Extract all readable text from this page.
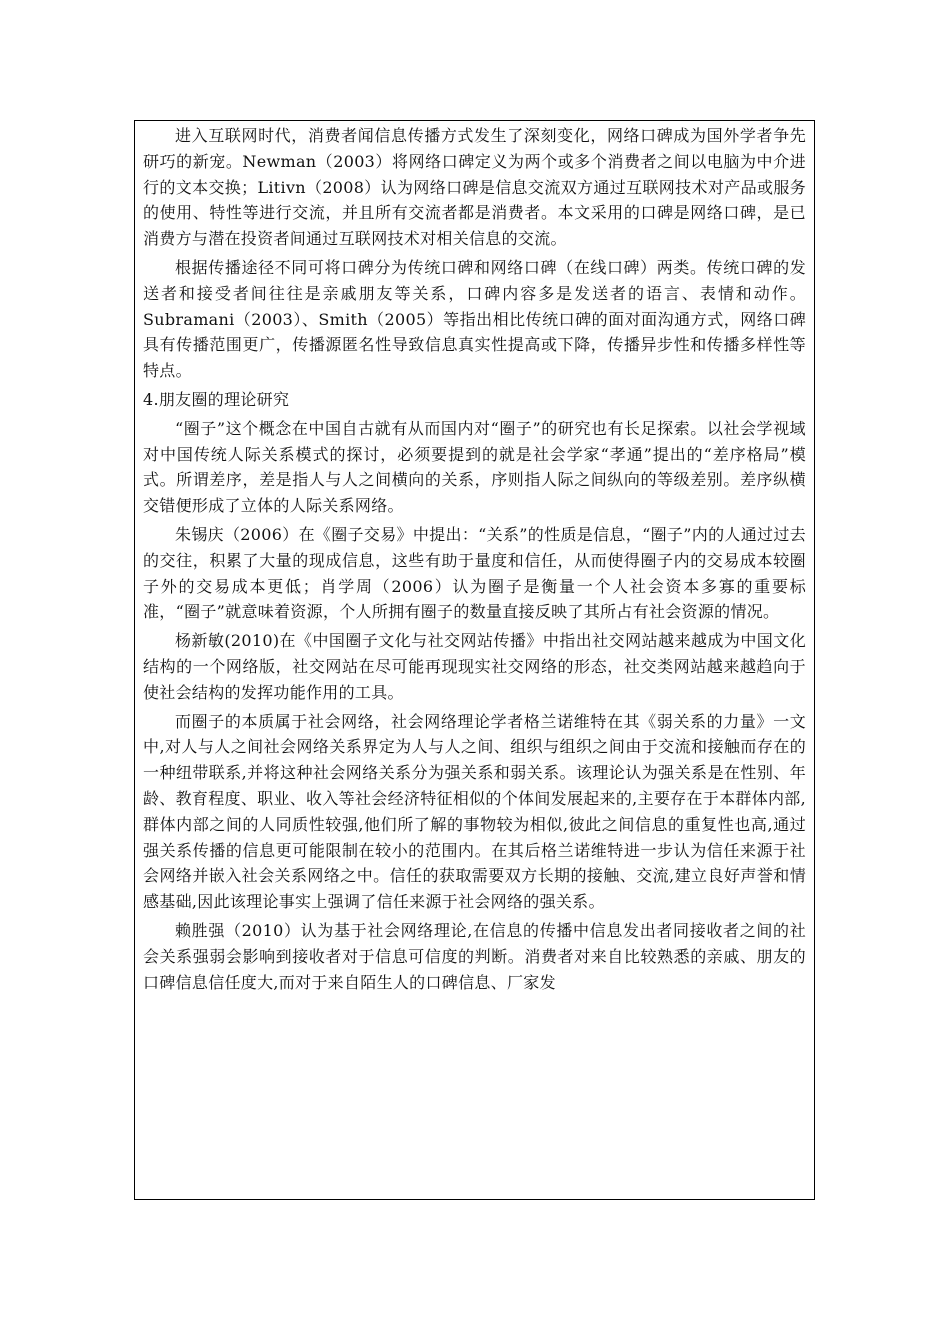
进入互联网时代，消费者闻信息传播方式发生了深刻变化，网络口碑成为国外学者争先研巧的新宠。Newman（2003）将网络口碑定义为两个或多个消费者之间以电脑为中介进行的文本交换；Litivn（2008）认为网络口碑是信息交流双方通过互联网技术对产品或服务的使用、特性等进行交流，并且所有交流者都是消费者。本文采用的口碑是网络口碑，是已消费方与潜在投资者间通过互联网技术对相关信息的交流。

根据传播途径不同可将口碑分为传统口碑和网络口碑（在线口碑）两类。传统口碑的发送者和接受者间往往是亲戚朋友等关系，口碑内容多是发送者的语言、表情和动作。Subramani（2003）、Smith（2005）等指出相比传统口碑的面对面沟通方式，网络口碑具有传播范围更广，传播源匿名性导致信息真实性提高或下降，传播异步性和传播多样性等特点。

4.朋友圈的理论研究

“圈子”这个概念在中国自古就有从而国内对“圈子”的研究也有长足探索。以社会学视域对中国传统人际关系模式的探讨，必须要提到的就是社会学家“孝通”提出的“差序格局”模式。所谓差序，差是指人与人之间横向的关系，序则指人际之间纵向的等级差别。差序纵横交错便形成了立体的人际关系网络。

朱锡庆（2006）在《圈子交易》中提出：“关系”的性质是信息，“圈子”内的人通过过去的交往，积累了大量的现成信息，这些有助于量度和信任，从而使得圈子内的交易成本较圈子外的交易成本更低；肖学周（2006）认为圈子是衡量一个人社会资本多寡的重要标准，“圈子”就意味着资源，个人所拥有圈子的数量直接反映了其所占有社会资源的情况。

杨新敏(2010)在《中国圈子文化与社交网站传播》中指出社交网站越来越成为中国文化结构的一个网络版，社交网站在尽可能再现现实社交网络的形态，社交类网站越来越趋向于使社会结构的发挥功能作用的工具。

而圈子的本质属于社会网络，社会网络理论学者格兰诺维特在其《弱关系的力量》一文中,对人与人之间社会网络关系界定为人与人之间、组织与组织之间由于交流和接触而存在的一种纽带联系,并将这种社会网络关系分为强关系和弱关系。该理论认为强关系是在性别、年龄、教育程度、职业、收入等社会经济特征相似的个体间发展起来的,主要存在于本群体内部,群体内部之间的人同质性较强,他们所了解的事物较为相似,彼此之间信息的重复性也高,通过强关系传播的信息更可能限制在较小的范围内。在其后格兰诺维特进一步认为信任来源于社会网络并嵌入社会关系网络之中。信任的获取需要双方长期的接触、交流,建立良好声誉和情感基础,因此该理论事实上强调了信任来源于社会网络的强关系。

赖胜强（2010）认为基于社会网络理论,在信息的传播中信息发出者同接收者之间的社会关系强弱会影响到接收者对于信息可信度的判断。消费者对来自比较熟悉的亲戚、朋友的口碑信息信任度大,而对于来自陌生人的口碑信息、厂家发
